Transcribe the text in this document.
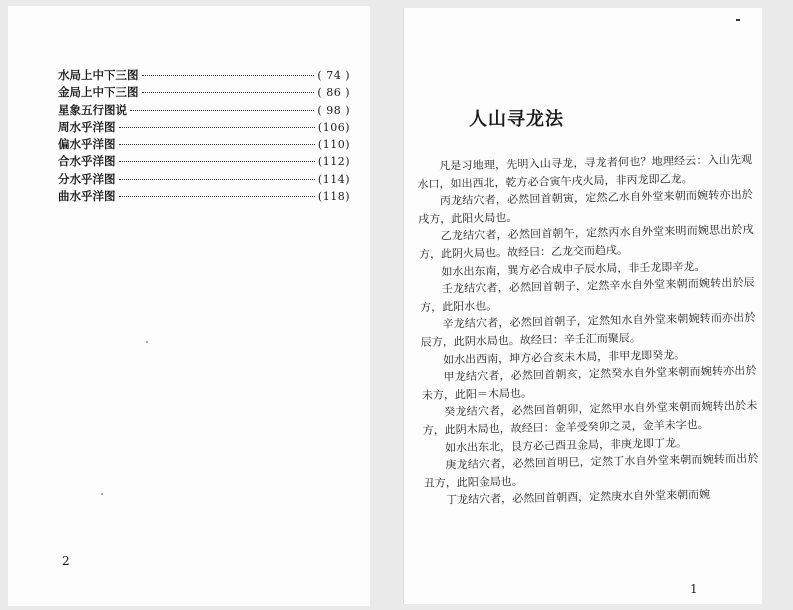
水局上中下三图	( 74 )
金局上中下三图	( 86 )
星象五行图说	( 98 )
周水乎洋图	(106)
偏水乎洋图	(110)
合水乎洋图	(112)
分水乎洋图	(114)
曲水乎洋图	(118)
2
人山寻龙法

凡是习地理，先明入山寻龙，寻龙者何也？地理经云：入山先观水口，如出西北，乾方必合寅午戌火局，非丙龙即乙龙。

丙龙结穴者，必然回首朝寅，定然乙水自外堂来朝而婉转亦出於戌方，此阳火局也。

乙龙结穴者，必然回首朝午，定然丙水自外堂来明而婉思出於戌方，此阴火局也。故经曰：乙龙交而趋戌。

如水出东南，巽方必合成申子辰水局，非壬龙即辛龙。

壬龙结穴者，必然回首朝子，定然辛水自外堂来朝而婉转出於辰方，此阳水也。

辛龙结穴者，必然回首朝子，定然知水自外堂来朝婉转而亦出於辰方，此阴水局也。故经曰：辛壬汇而聚辰。

如水出西南，坤方必合亥未木局，非甲龙即癸龙。

甲龙结穴者，必然回首朝亥，定然癸水自外堂来朝而婉转亦出於未方，此阳＝木局也。

癸龙结穴者，必然回首朝卯，定然甲水自外堂来朝而婉转出於未方，此阴木局也，故经曰：金羊受癸卯之灵，金羊未字也。

如水出东北，艮方必己酉丑金局，非庚龙即丁龙。

庚龙结穴者，必然回首明巳，定然丁水自外堂来朝而婉转而出於丑方，此阳金局也。

丁龙结穴者，必然回首朝酉，定然庚水自外堂来朝而婉

1
